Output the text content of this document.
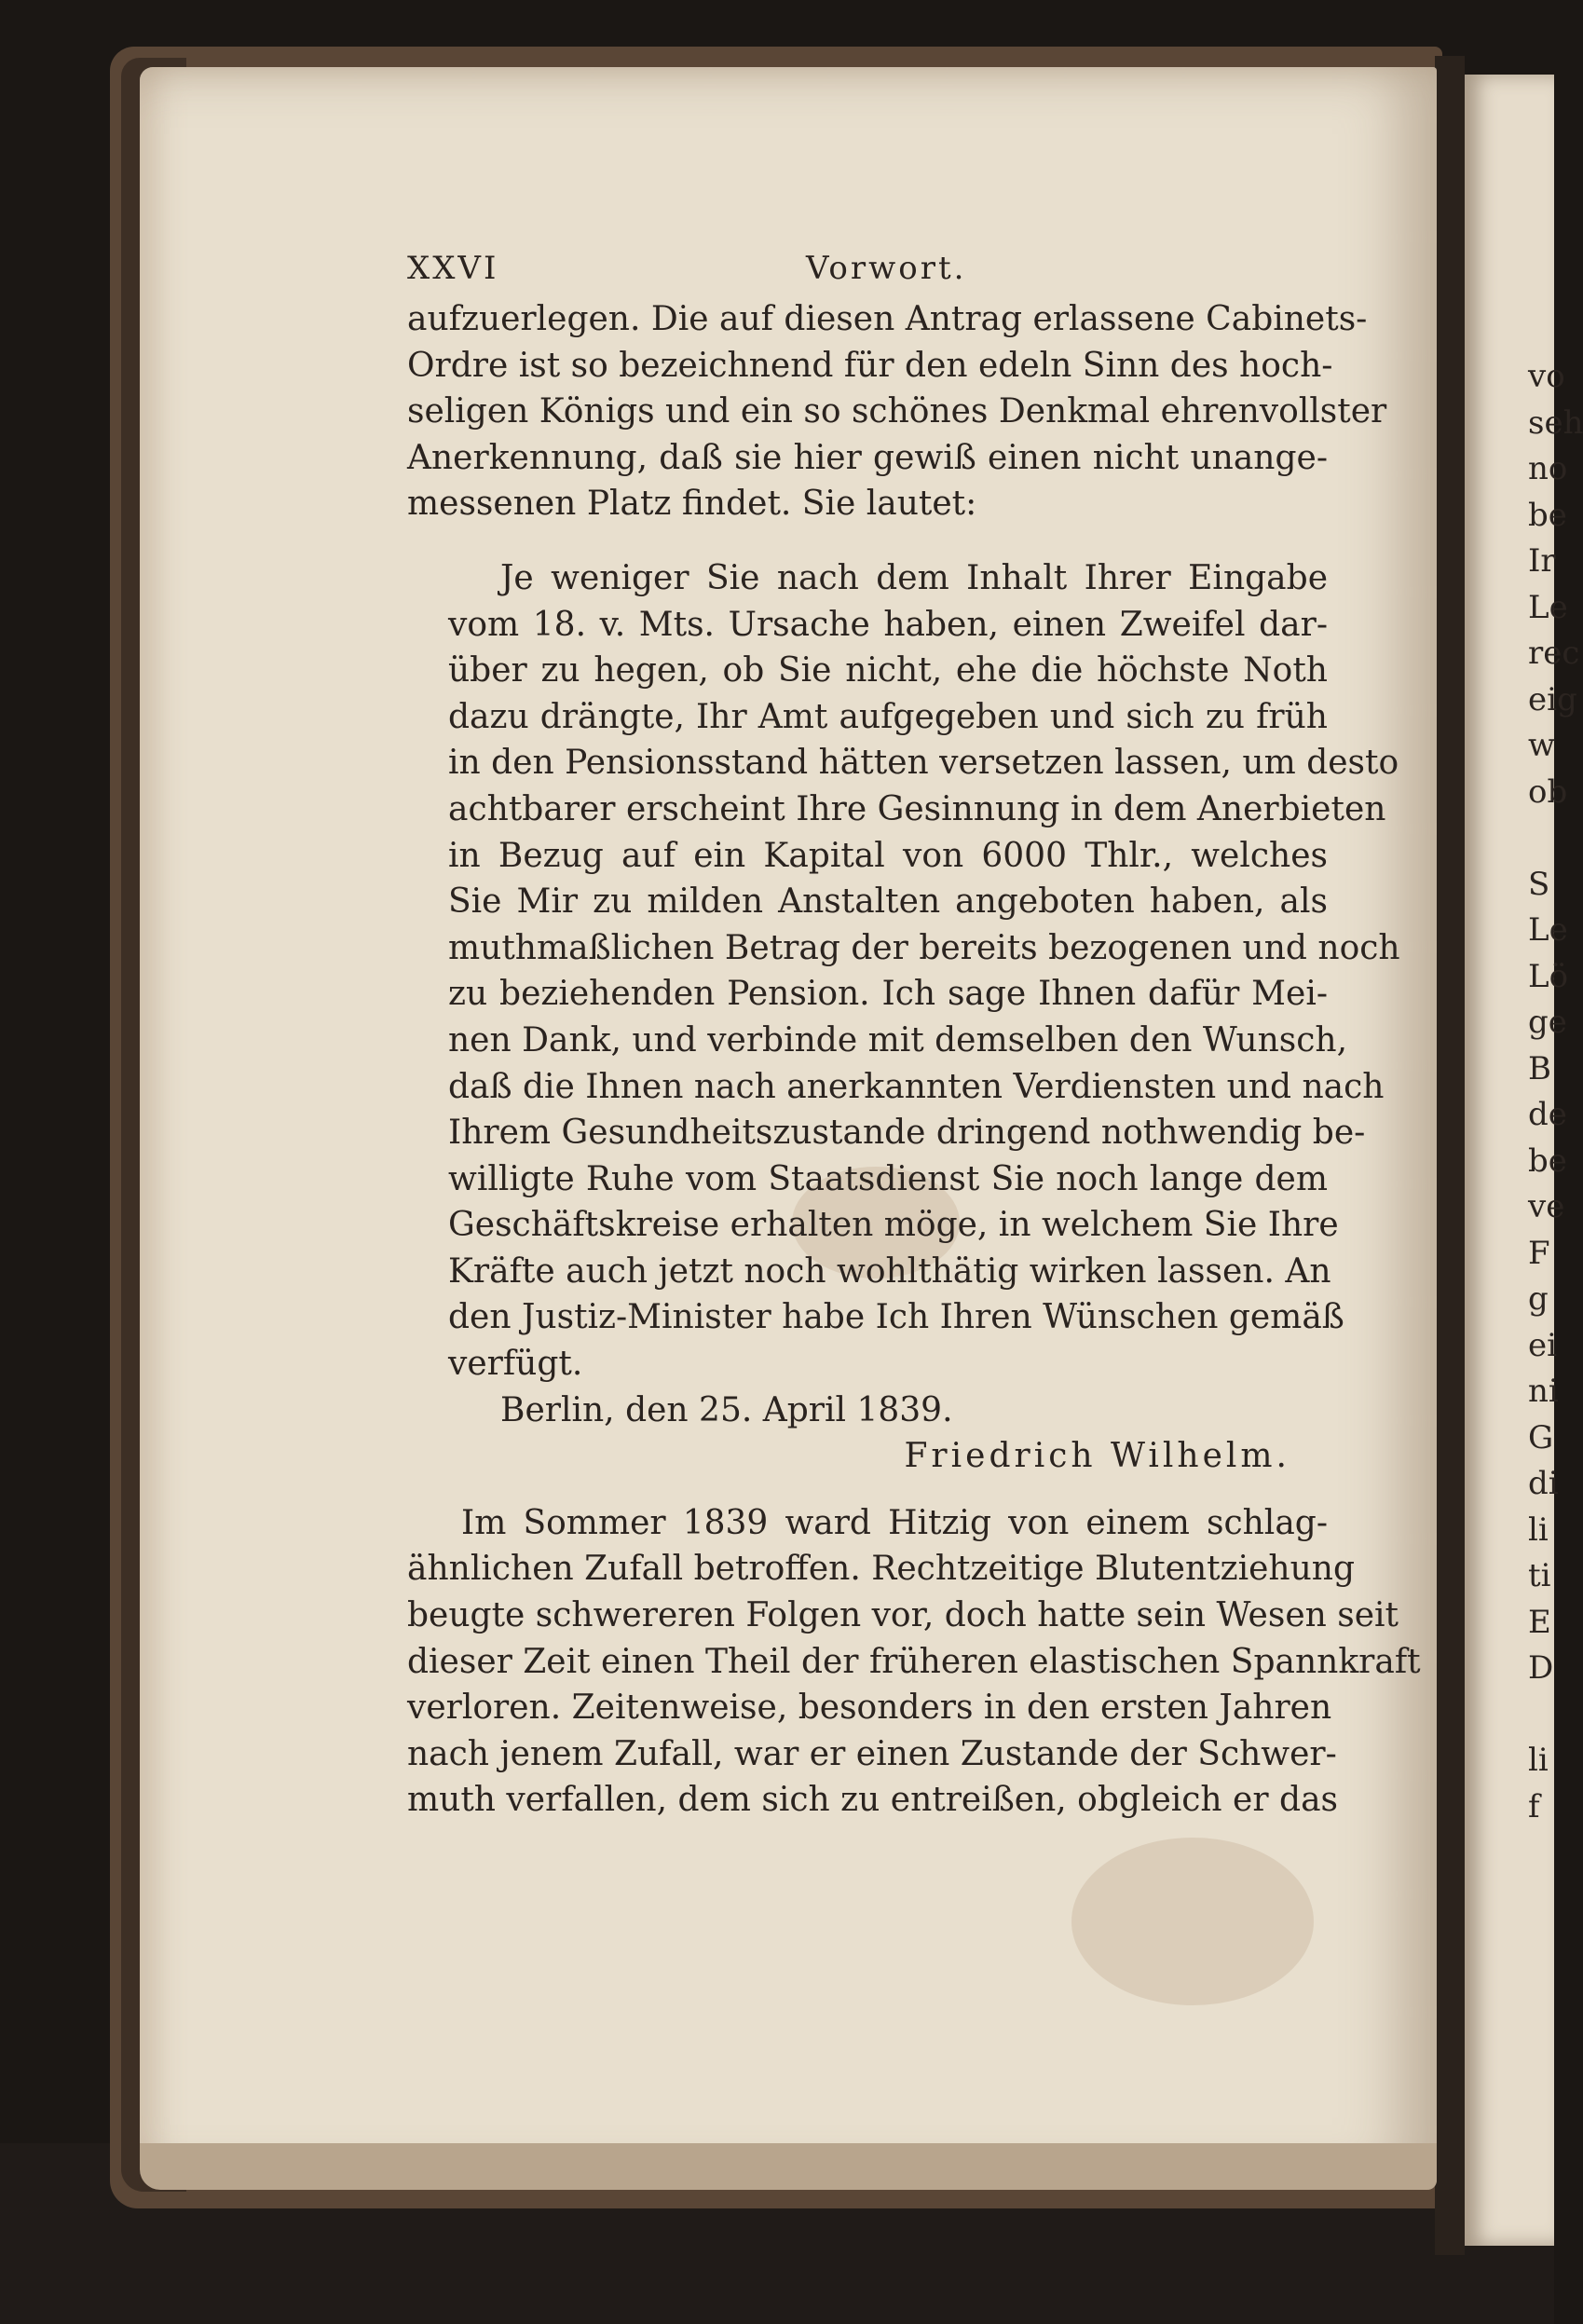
vo
seh
no
be
Ir
Le
rec
eig
w
ob
S
Le
Lö
ge
B
de
be
ve
F
g
ei
ni
G
di
li
ti
E
D
li
f
XXVI	Vorwort.
aufzuerlegen. Die auf diesen Antrag erlassene Cabinets-
Ordre ist so bezeichnend für den edeln Sinn des hoch-
seligen Königs und ein so schönes Denkmal ehrenvollster
Anerkennung, daß sie hier gewiß einen nicht unange-
messenen Platz findet. Sie lautet:
Je weniger Sie nach dem Inhalt Ihrer Eingabe
vom 18. v. Mts. Ursache haben, einen Zweifel dar-
über zu hegen, ob Sie nicht, ehe die höchste Noth
dazu drängte, Ihr Amt aufgegeben und sich zu früh
in den Pensionsstand hätten versetzen lassen, um desto
achtbarer erscheint Ihre Gesinnung in dem Anerbieten
in Bezug auf ein Kapital von 6000 Thlr., welches
Sie Mir zu milden Anstalten angeboten haben, als
muthmaßlichen Betrag der bereits bezogenen und noch
zu beziehenden Pension. Ich sage Ihnen dafür Mei-
nen Dank, und verbinde mit demselben den Wunsch,
daß die Ihnen nach anerkannten Verdiensten und nach
Ihrem Gesundheitszustande dringend nothwendig be-
willigte Ruhe vom Staatsdienst Sie noch lange dem
Geschäftskreise erhalten möge, in welchem Sie Ihre
Kräfte auch jetzt noch wohlthätig wirken lassen. An
den Justiz-Minister habe Ich Ihren Wünschen gemäß
verfügt.
Berlin, den 25. April 1839.
Friedrich Wilhelm.
Im Sommer 1839 ward Hitzig von einem schlag-
ähnlichen Zufall betroffen. Rechtzeitige Blutentziehung
beugte schwereren Folgen vor, doch hatte sein Wesen seit
dieser Zeit einen Theil der früheren elastischen Spannkraft
verloren. Zeitenweise, besonders in den ersten Jahren
nach jenem Zufall, war er einen Zustande der Schwer-
muth verfallen, dem sich zu entreißen, obgleich er das
